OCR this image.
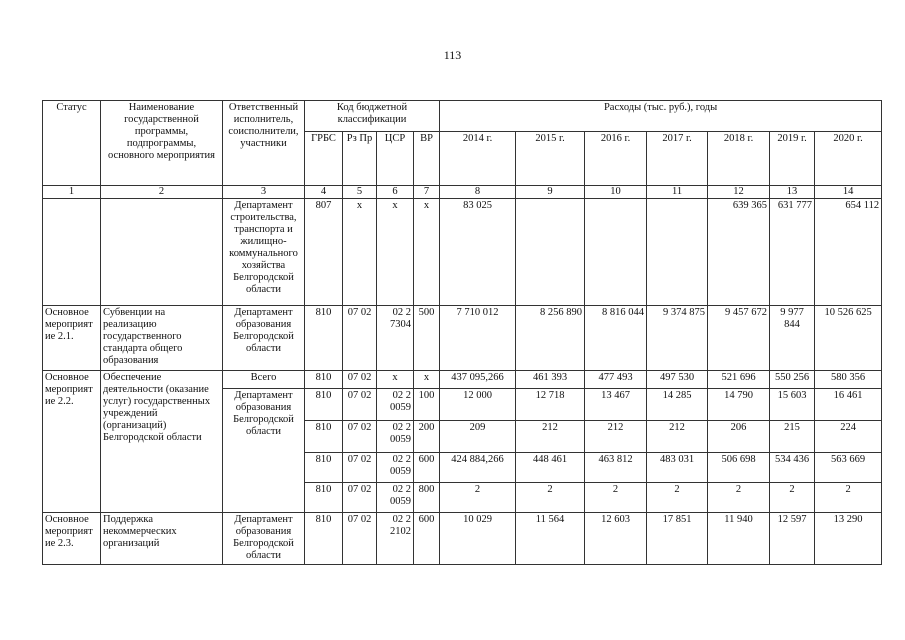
113
Статус	Наименование государственной программы, подпрограммы, основного мероприятия	Ответственный исполнитель, соисполнители, участники	Код бюджетной классификации				Расходы (тыс. руб.), годы						
			ГРБС	Рз Пр	ЦСР	ВР	2014 г.	2015 г.	2016 г.	2017 г.	2018 г.	2019 г.	2020 г.
1	2	3	4	5	6	7	8	9	10	11	12	13	14
		Департамент строительства, транспорта и жилищно-коммунального хозяйства Белгородской области	807	х	х	х	83 025				639 365	631 777	654 112
Основное мероприятие 2.1.	Субвенции на реализацию государственного стандарта общего образования	Департамент образования Белгородской области	810	07 02	02 2 7304	500	7 710 012	8 256 890	8 816 044	9 374 875	9 457 672	9 977 844	10 526 625
Основное мероприятие 2.2.	Обеспечение деятельности (оказание услуг) государственных учреждений (организаций) Белгородской области	Всего	810	07 02	х	х	437 095,266	461 393	477 493	497 530	521 696	550 256	580 356
		Департамент образования Белгородской области	810	07 02	02 2 0059	100	12 000	12 718	13 467	14 285	14 790	15 603	16 461
			810	07 02	02 2 0059	200	209	212	212	212	206	215	224
			810	07 02	02 2 0059	600	424 884,266	448 461	463 812	483 031	506 698	534 436	563 669
			810	07 02	02 2 0059	800	2	2	2	2	2	2	2
Основное мероприятие 2.3.	Поддержка некоммерческих организаций	Департамент образования Белгородской области	810	07 02	02 2 2102	600	10 029	11 564	12 603	17 851	11 940	12 597	13 290
